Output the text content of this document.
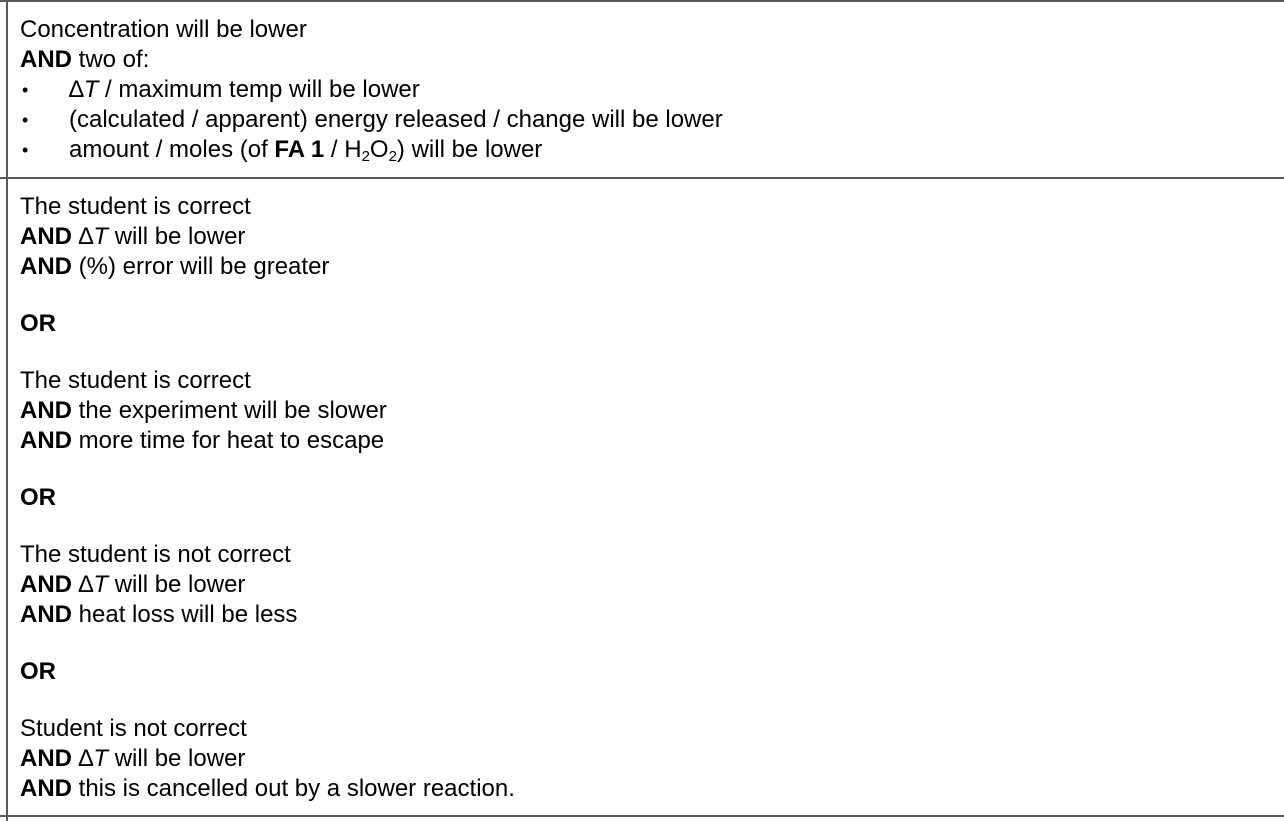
Concentration will be lower
AND two of:
•	∆T / maximum temp will be lower
•	(calculated / apparent) energy released / change will be lower
•	amount / moles (of FA $1 / H_2O_2$) will be lower
The student is correct
AND ∆T will be lower
AND (%) error will be greater
OR
The student is correct
AND the experiment will be slower
AND more time for heat to escape
OR
The student is not correct
AND ∆T will be lower
AND heat loss will be less
OR
Student is not correct
AND ∆T will be lower
AND this is cancelled out by a slower reaction.
